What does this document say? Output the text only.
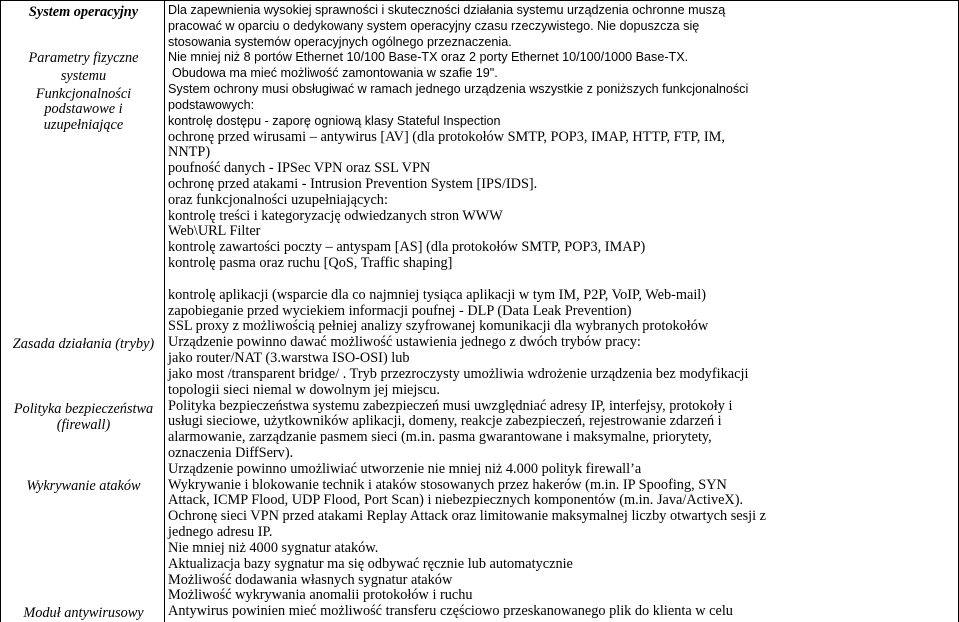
System operacyjny
Parametry fizyczne
systemu
Funkcjonalności
podstawowe i
uzupełniające
Zasada działania (tryby)
Polityka bezpieczeństwa
(firewall)
Wykrywanie ataków
Moduł antywirusowy
Dla zapewnienia wysokiej sprawności i skuteczności działania systemu urządzenia ochronne muszą
pracować w oparciu o dedykowany system operacyjny czasu rzeczywistego. Nie dopuszcza się
stosowania systemów operacyjnych ogólnego przeznaczenia.
Nie mniej niż 8 portów Ethernet 10/100 Base-TX oraz 2 porty Ethernet 10/100/1000 Base-TX.
Obudowa ma mieć możliwość zamontowania w szafie 19".
System ochrony musi obsługiwać w ramach jednego urządzenia wszystkie z poniższych funkcjonalności
podstawowych:
kontrolę dostępu - zaporę ogniową klasy Stateful Inspection
ochronę przed wirusami – antywirus [AV] (dla protokołów SMTP, POP3, IMAP, HTTP, FTP, IM,
NNTP)
poufność danych - IPSec VPN oraz SSL VPN
ochronę przed atakami - Intrusion Prevention System [IPS/IDS].
oraz funkcjonalności uzupełniających:
kontrolę treści i kategoryzację odwiedzanych stron WWW
Web\URL Filter
kontrolę zawartości poczty – antyspam [AS] (dla protokołów SMTP, POP3, IMAP)
kontrolę pasma oraz ruchu [QoS, Traffic shaping]
kontrolę aplikacji (wsparcie dla co najmniej tysiąca aplikacji w tym IM, P2P, VoIP, Web-mail)
zapobieganie przed wyciekiem informacji poufnej - DLP (Data Leak Prevention)
SSL proxy z możliwością pełniej analizy szyfrowanej komunikacji dla wybranych protokołów
Urządzenie powinno dawać możliwość ustawienia jednego z dwóch trybów pracy:
jako router/NAT (3.warstwa ISO-OSI) lub
jako most /transparent bridge/ . Tryb przezroczysty umożliwia wdrożenie urządzenia bez modyfikacji
topologii sieci niemal w dowolnym jej miejscu.
Polityka bezpieczeństwa systemu zabezpieczeń musi uwzględniać adresy IP, interfejsy, protokoły i
usługi sieciowe, użytkowników aplikacji, domeny, reakcje zabezpieczeń, rejestrowanie zdarzeń i
alarmowanie, zarządzanie pasmem sieci (m.in. pasma gwarantowane i maksymalne, priorytety,
oznaczenia DiffServ).
Urządzenie powinno umożliwiać utworzenie nie mniej niż 4.000 polityk firewall’a
Wykrywanie i blokowanie technik i ataków stosowanych przez hakerów (m.in. IP Spoofing, SYN
Attack, ICMP Flood, UDP Flood, Port Scan) i niebezpiecznych komponentów (m.in. Java/ActiveX).
Ochronę sieci VPN przed atakami Replay Attack oraz limitowanie maksymalnej liczby otwartych sesji z
jednego adresu IP.
Nie mniej niż 4000 sygnatur ataków.
Aktualizacja bazy sygnatur ma się odbywać ręcznie lub automatycznie
Możliwość dodawania własnych sygnatur ataków
Możliwość wykrywania anomalii protokołów i ruchu
Antywirus powinien mieć możliwość transferu częściowo przeskanowanego plik do klienta w celu
